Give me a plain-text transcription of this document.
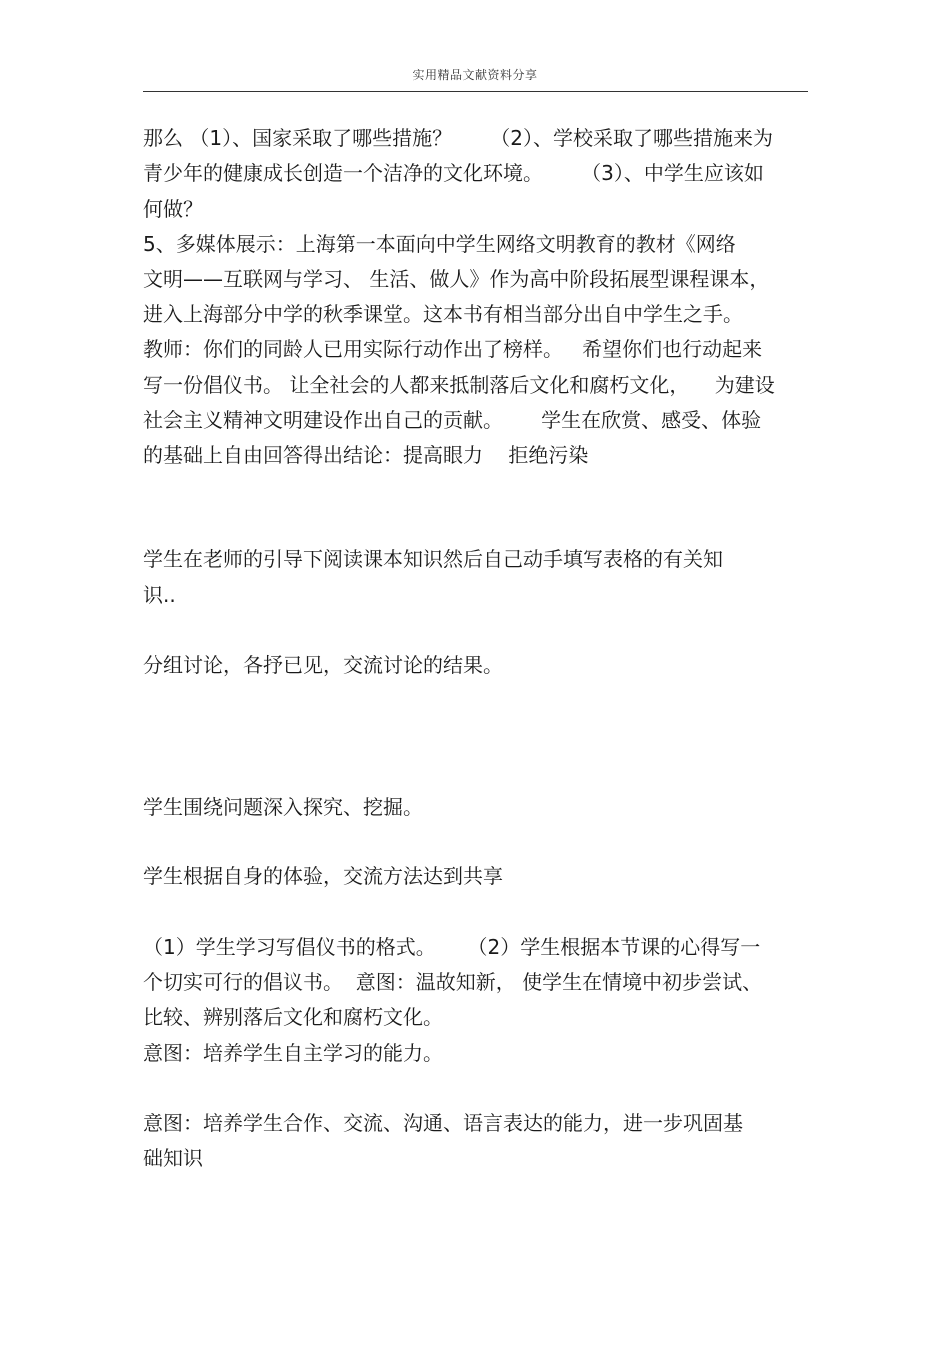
实用精品文献资料分享
那么 （1）、国家采取了哪些措施？      （2）、学校采取了哪些措施来为
青少年的健康成长创造一个洁净的文化环境。      （3）、中学生应该如
何做？
5、多媒体展示：上海第一本面向中学生网络文明教育的教材《网络
文明——互联网与学习、 生活、做人》作为高中阶段拓展型课程课本，
进入上海部分中学的秋季课堂。这本书有相当部分出自中学生之手。
教师：你们的同龄人已用实际行动作出了榜样。   希望你们也行动起来
写一份倡仪书。 让全社会的人都来抵制落后文化和腐朽文化，    为建设
社会主义精神文明建设作出自己的贡献。      学生在欣赏、感受、体验
的基础上自由回答得出结论：提高眼力    拒绝污染
学生在老师的引导下阅读课本知识然后自己动手填写表格的有关知
识..
分组讨论，各抒已见，交流讨论的结果。
学生围绕问题深入探究、挖掘。
学生根据自身的体验，交流方法达到共享
（1）学生学习写倡仪书的格式。     （2）学生根据本节课的心得写一
个切实可行的倡议书。  意图：温故知新， 使学生在情境中初步尝试、
比较、辨别落后文化和腐朽文化。
意图：培养学生自主学习的能力。
意图：培养学生合作、交流、沟通、语言表达的能力，进一步巩固基
础知识
